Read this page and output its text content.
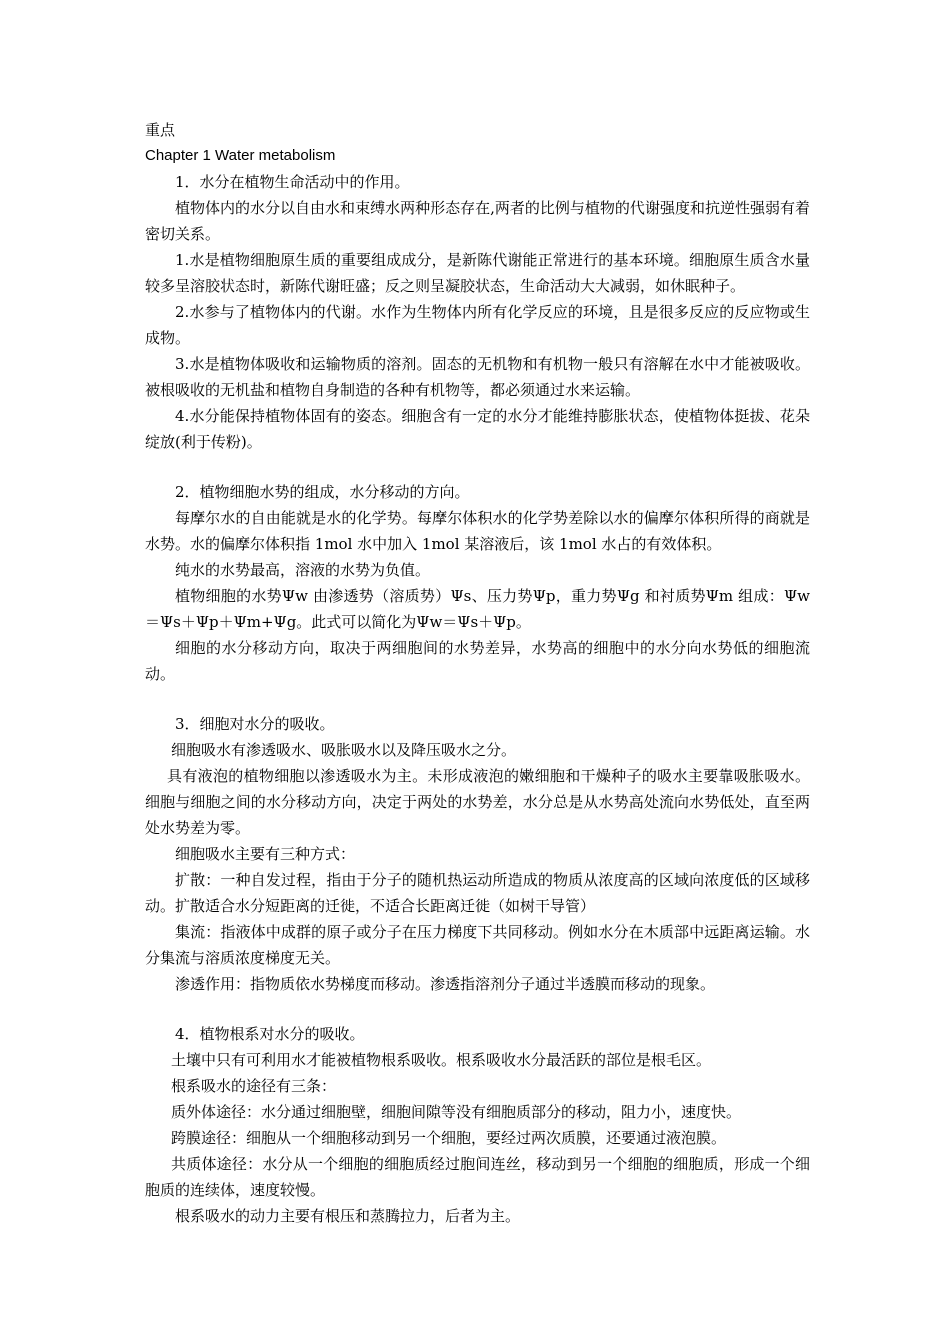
重点

Chapter 1 Water metabolism

1．水分在植物生命活动中的作用。

植物体内的水分以自由水和束缚水两种形态存在,两者的比例与植物的代谢强度和抗逆性强弱有着密切关系。

1.水是植物细胞原生质的重要组成成分，是新陈代谢能正常进行的基本环境。细胞原生质含水量较多呈溶胶状态时，新陈代谢旺盛；反之则呈凝胶状态，生命活动大大减弱，如休眠种子。

2.水参与了植物体内的代谢。水作为生物体内所有化学反应的环境，且是很多反应的反应物或生成物。

3.水是植物体吸收和运输物质的溶剂。固态的无机物和有机物一般只有溶解在水中才能被吸收。被根吸收的无机盐和植物自身制造的各种有机物等，都必须通过水来运输。

4.水分能保持植物体固有的姿态。细胞含有一定的水分才能维持膨胀状态，使植物体挺拔、花朵绽放(利于传粉)。

2．植物细胞水势的组成，水分移动的方向。

每摩尔水的自由能就是水的化学势。每摩尔体积水的化学势差除以水的偏摩尔体积所得的商就是水势。水的偏摩尔体积指 1mol 水中加入 1mol 某溶液后，该 1mol 水占的有效体积。

纯水的水势最高，溶液的水势为负值。

植物细胞的水势Ψw 由渗透势（溶质势）Ψs、压力势Ψp，重力势Ψg 和衬质势Ψm 组成：Ψw＝Ψs＋Ψp＋Ψm+Ψg。此式可以简化为Ψw＝Ψs＋Ψp。

细胞的水分移动方向，取决于两细胞间的水势差异，水势高的细胞中的水分向水势低的细胞流动。

3．细胞对水分的吸收。

细胞吸水有渗透吸水、吸胀吸水以及降压吸水之分。

具有液泡的植物细胞以渗透吸水为主。未形成液泡的嫩细胞和干燥种子的吸水主要靠吸胀吸水。细胞与细胞之间的水分移动方向，决定于两处的水势差，水分总是从水势高处流向水势低处，直至两处水势差为零。

细胞吸水主要有三种方式：

扩散：一种自发过程，指由于分子的随机热运动所造成的物质从浓度高的区域向浓度低的区域移动。扩散适合水分短距离的迁徙，不适合长距离迁徙（如树干导管）

集流：指液体中成群的原子或分子在压力梯度下共同移动。例如水分在木质部中远距离运输。水分集流与溶质浓度梯度无关。

渗透作用：指物质依水势梯度而移动。渗透指溶剂分子通过半透膜而移动的现象。

4．植物根系对水分的吸收。

土壤中只有可利用水才能被植物根系吸收。根系吸收水分最活跃的部位是根毛区。

根系吸水的途径有三条：

质外体途径：水分通过细胞壁，细胞间隙等没有细胞质部分的移动，阻力小，速度快。

跨膜途径：细胞从一个细胞移动到另一个细胞，要经过两次质膜，还要通过液泡膜。

共质体途径：水分从一个细胞的细胞质经过胞间连丝，移动到另一个细胞的细胞质，形成一个细胞质的连续体，速度较慢。

根系吸水的动力主要有根压和蒸腾拉力，后者为主。
